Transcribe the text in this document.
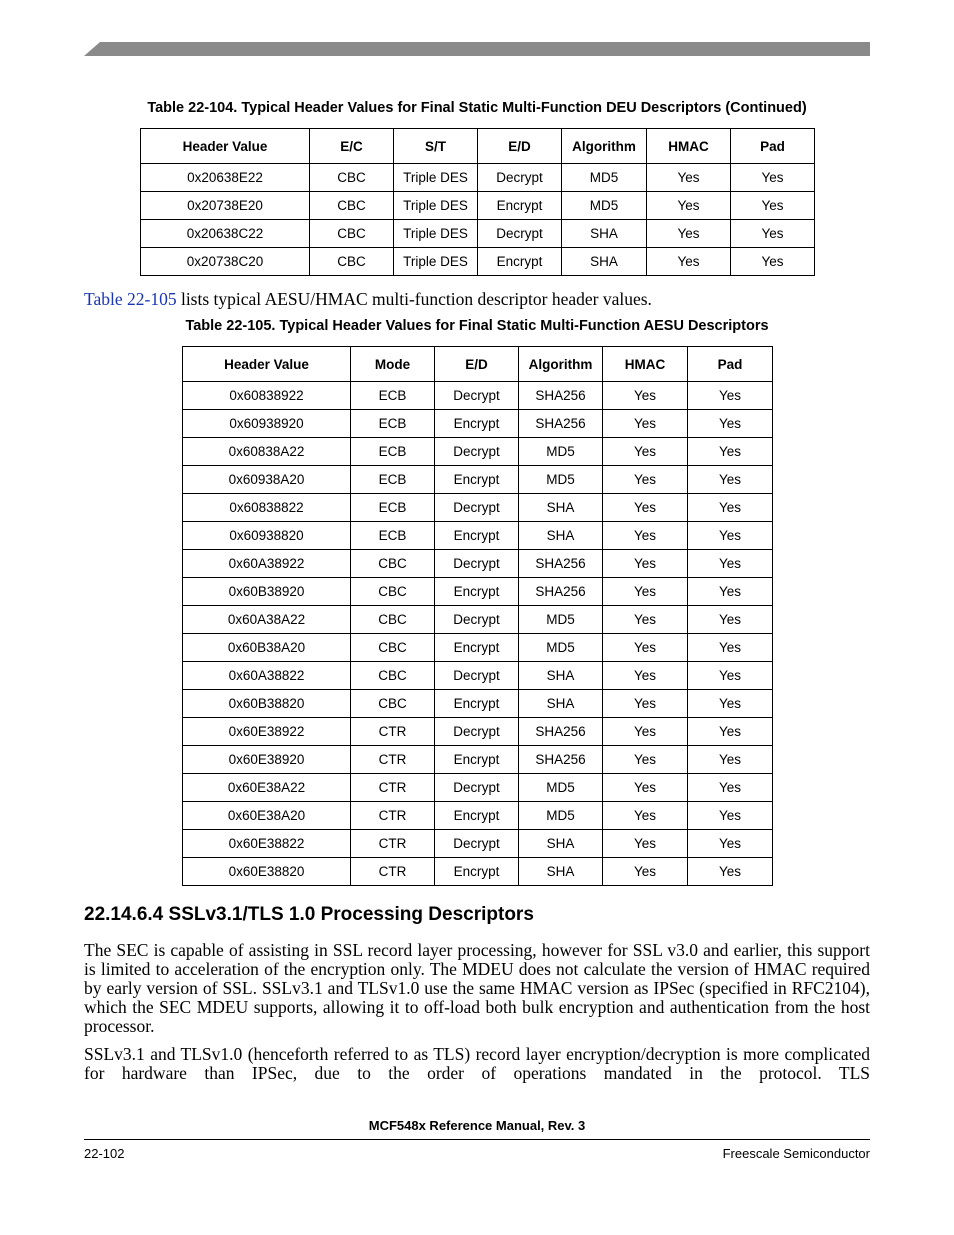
Table 22-104. Typical Header Values for Final Static Multi-Function DEU Descriptors (Continued)
Header Value	E/C	S/T	E/D	Algorithm	HMAC	Pad
0x20638E22	CBC	Triple DES	Decrypt	MD5	Yes	Yes
0x20738E20	CBC	Triple DES	Encrypt	MD5	Yes	Yes
0x20638C22	CBC	Triple DES	Decrypt	SHA	Yes	Yes
0x20738C20	CBC	Triple DES	Encrypt	SHA	Yes	Yes
Table 22-105 lists typical AESU/HMAC multi-function descriptor header values.
Table 22-105. Typical Header Values for Final Static Multi-Function AESU Descriptors
Header Value	Mode	E/D	Algorithm	HMAC	Pad
0x60838922	ECB	Decrypt	SHA256	Yes	Yes
0x60938920	ECB	Encrypt	SHA256	Yes	Yes
0x60838A22	ECB	Decrypt	MD5	Yes	Yes
0x60938A20	ECB	Encrypt	MD5	Yes	Yes
0x60838822	ECB	Decrypt	SHA	Yes	Yes
0x60938820	ECB	Encrypt	SHA	Yes	Yes
0x60A38922	CBC	Decrypt	SHA256	Yes	Yes
0x60B38920	CBC	Encrypt	SHA256	Yes	Yes
0x60A38A22	CBC	Decrypt	MD5	Yes	Yes
0x60B38A20	CBC	Encrypt	MD5	Yes	Yes
0x60A38822	CBC	Decrypt	SHA	Yes	Yes
0x60B38820	CBC	Encrypt	SHA	Yes	Yes
0x60E38922	CTR	Decrypt	SHA256	Yes	Yes
0x60E38920	CTR	Encrypt	SHA256	Yes	Yes
0x60E38A22	CTR	Decrypt	MD5	Yes	Yes
0x60E38A20	CTR	Encrypt	MD5	Yes	Yes
0x60E38822	CTR	Decrypt	SHA	Yes	Yes
0x60E38820	CTR	Encrypt	SHA	Yes	Yes
22.14.6.4 SSLv3.1/TLS 1.0 Processing Descriptors
The SEC is capable of assisting in SSL record layer processing, however for SSL v3.0 and earlier, this support is limited to acceleration of the encryption only. The MDEU does not calculate the version of HMAC required by early version of SSL. SSLv3.1 and TLSv1.0 use the same HMAC version as IPSec (specified in RFC2104), which the SEC MDEU supports, allowing it to off-load both bulk encryption and authentication from the host processor.
SSLv3.1 and TLSv1.0 (henceforth referred to as TLS) record layer encryption/decryption is more complicated for hardware than IPSec, due to the order of operations mandated in the protocol. TLS
MCF548x Reference Manual, Rev. 3
22-102	Freescale Semiconductor
